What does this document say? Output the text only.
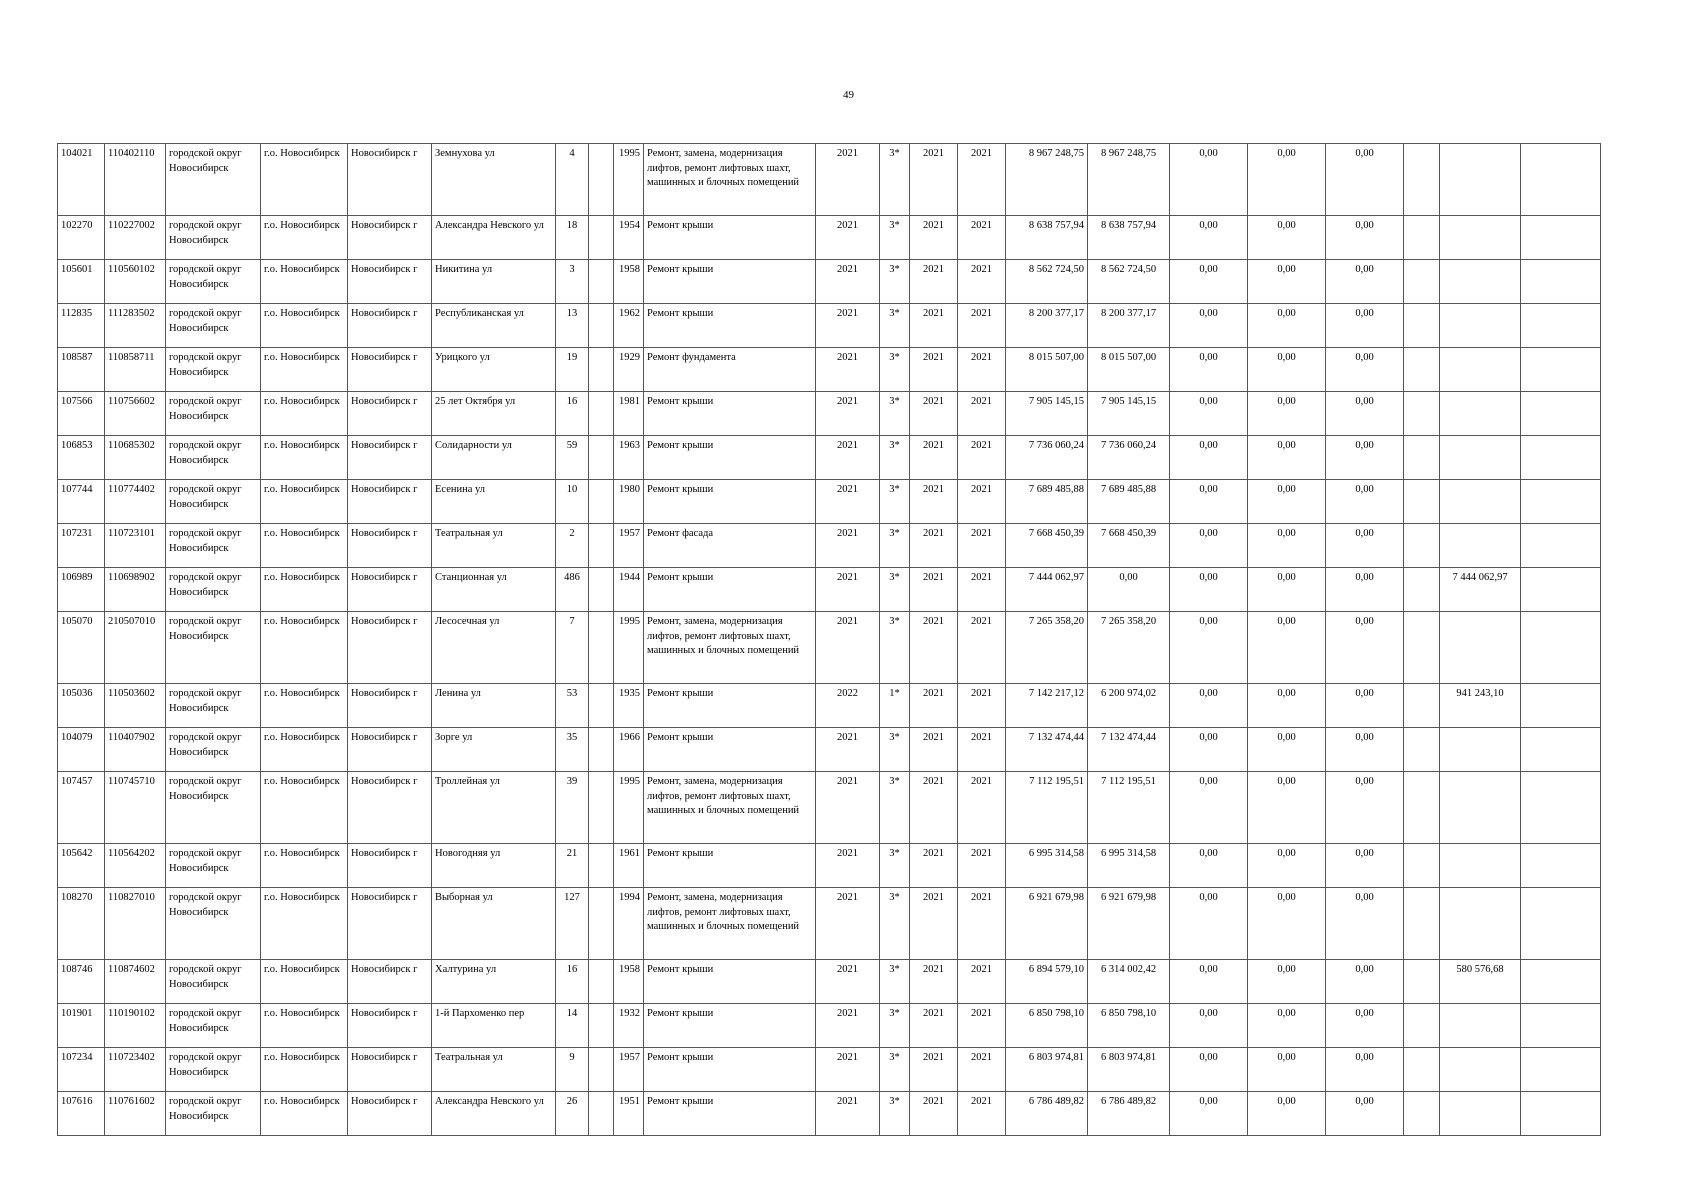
49
104021	110402110	городской округ Новосибирск	г.о. Новосибирск	Новосибирск г	Земнухова ул	4		1995	Ремонт, замена, модернизация лифтов, ремонт лифтовых шахт, машинных и блочных помещений	2021	3*	2021	2021	8 967 248,75	8 967 248,75	0,00	0,00	0,00			
102270	110227002	городской округ Новосибирск	г.о. Новосибирск	Новосибирск г	Александра Невского ул	18		1954	Ремонт крыши	2021	3*	2021	2021	8 638 757,94	8 638 757,94	0,00	0,00	0,00			
105601	110560102	городской округ Новосибирск	г.о. Новосибирск	Новосибирск г	Никитина ул	3		1958	Ремонт крыши	2021	3*	2021	2021	8 562 724,50	8 562 724,50	0,00	0,00	0,00			
112835	111283502	городской округ Новосибирск	г.о. Новосибирск	Новосибирск г	Республиканская ул	13		1962	Ремонт крыши	2021	3*	2021	2021	8 200 377,17	8 200 377,17	0,00	0,00	0,00			
108587	110858711	городской округ Новосибирск	г.о. Новосибирск	Новосибирск г	Урицкого ул	19		1929	Ремонт фундамента	2021	3*	2021	2021	8 015 507,00	8 015 507,00	0,00	0,00	0,00			
107566	110756602	городской округ Новосибирск	г.о. Новосибирск	Новосибирск г	25 лет Октября ул	16		1981	Ремонт крыши	2021	3*	2021	2021	7 905 145,15	7 905 145,15	0,00	0,00	0,00			
106853	110685302	городской округ Новосибирск	г.о. Новосибирск	Новосибирск г	Солидарности ул	59		1963	Ремонт крыши	2021	3*	2021	2021	7 736 060,24	7 736 060,24	0,00	0,00	0,00			
107744	110774402	городской округ Новосибирск	г.о. Новосибирск	Новосибирск г	Есенина ул	10		1980	Ремонт крыши	2021	3*	2021	2021	7 689 485,88	7 689 485,88	0,00	0,00	0,00			
107231	110723101	городской округ Новосибирск	г.о. Новосибирск	Новосибирск г	Театральная ул	2		1957	Ремонт фасада	2021	3*	2021	2021	7 668 450,39	7 668 450,39	0,00	0,00	0,00			
106989	110698902	городской округ Новосибирск	г.о. Новосибирск	Новосибирск г	Станционная ул	486		1944	Ремонт крыши	2021	3*	2021	2021	7 444 062,97	0,00	0,00	0,00	0,00		7 444 062,97	
105070	210507010	городской округ Новосибирск	г.о. Новосибирск	Новосибирск г	Лесосечная ул	7		1995	Ремонт, замена, модернизация лифтов, ремонт лифтовых шахт, машинных и блочных помещений	2021	3*	2021	2021	7 265 358,20	7 265 358,20	0,00	0,00	0,00			
105036	110503602	городской округ Новосибирск	г.о. Новосибирск	Новосибирск г	Ленина ул	53		1935	Ремонт крыши	2022	1*	2021	2021	7 142 217,12	6 200 974,02	0,00	0,00	0,00		941 243,10	
104079	110407902	городской округ Новосибирск	г.о. Новосибирск	Новосибирск г	Зорге ул	35		1966	Ремонт крыши	2021	3*	2021	2021	7 132 474,44	7 132 474,44	0,00	0,00	0,00			
107457	110745710	городской округ Новосибирск	г.о. Новосибирск	Новосибирск г	Троллейная ул	39		1995	Ремонт, замена, модернизация лифтов, ремонт лифтовых шахт, машинных и блочных помещений	2021	3*	2021	2021	7 112 195,51	7 112 195,51	0,00	0,00	0,00			
105642	110564202	городской округ Новосибирск	г.о. Новосибирск	Новосибирск г	Новогодняя ул	21		1961	Ремонт крыши	2021	3*	2021	2021	6 995 314,58	6 995 314,58	0,00	0,00	0,00			
108270	110827010	городской округ Новосибирск	г.о. Новосибирск	Новосибирск г	Выборная ул	127		1994	Ремонт, замена, модернизация лифтов, ремонт лифтовых шахт, машинных и блочных помещений	2021	3*	2021	2021	6 921 679,98	6 921 679,98	0,00	0,00	0,00			
108746	110874602	городской округ Новосибирск	г.о. Новосибирск	Новосибирск г	Халтурина ул	16		1958	Ремонт крыши	2021	3*	2021	2021	6 894 579,10	6 314 002,42	0,00	0,00	0,00		580 576,68	
101901	110190102	городской округ Новосибирск	г.о. Новосибирск	Новосибирск г	1-й Пархоменко пер	14		1932	Ремонт крыши	2021	3*	2021	2021	6 850 798,10	6 850 798,10	0,00	0,00	0,00			
107234	110723402	городской округ Новосибирск	г.о. Новосибирск	Новосибирск г	Театральная ул	9		1957	Ремонт крыши	2021	3*	2021	2021	6 803 974,81	6 803 974,81	0,00	0,00	0,00			
107616	110761602	городской округ Новосибирск	г.о. Новосибирск	Новосибирск г	Александра Невского ул	26		1951	Ремонт крыши	2021	3*	2021	2021	6 786 489,82	6 786 489,82	0,00	0,00	0,00			
